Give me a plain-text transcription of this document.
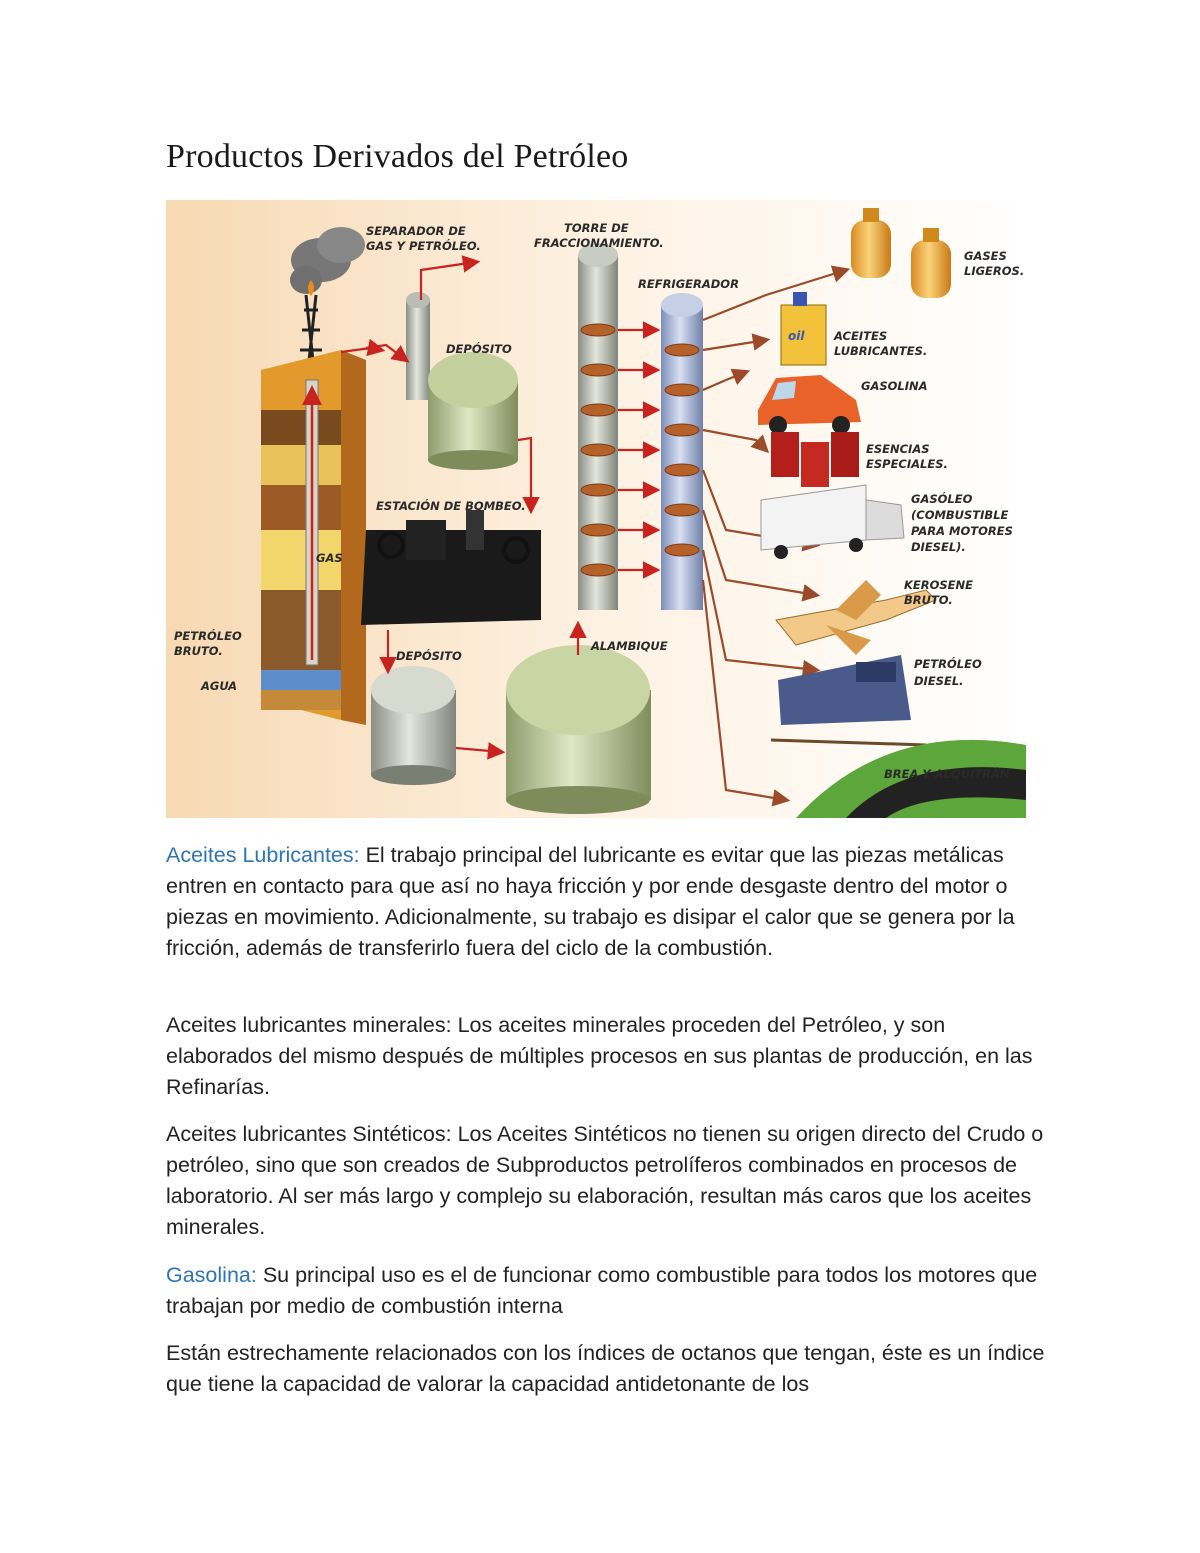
Productos Derivados del Petróleo
oil
SEPARADOR DE GAS Y PETRÓLEO.
TORRE DE FRACCIONAMIENTO.
REFRIGERADOR
DEPÓSITO
ESTACIÓN DE BOMBEO.
GAS
PETRÓLEO BRUTO.
AGUA
DEPÓSITO
ALAMBIQUE
GASES LIGEROS.
ACEITES LUBRICANTES.
GASOLINA
ESENCIAS ESPECIALES.
GASÓLEO (COMBUSTIBLE PARA MOTORES DIESEL).
KEROSENE BRUTO.
PETRÓLEO DIESEL.
BREA Y ALQUITRÁN

Aceites Lubricantes: El trabajo principal del lubricante es evitar que las piezas metálicas entren en contacto para que así no haya fricción y por ende desgaste dentro del motor o piezas en movimiento. Adicionalmente, su trabajo es disipar el calor que se genera por la fricción, además de transferirlo fuera del ciclo de la combustión.

Aceites lubricantes minerales: Los aceites minerales proceden del Petróleo, y son elaborados del mismo después de múltiples procesos en sus plantas de producción, en las Refinarías.

Aceites lubricantes Sintéticos: Los Aceites Sintéticos no tienen su origen directo del Crudo o petróleo, sino que son creados de Subproductos petrolíferos combinados en procesos de laboratorio. Al ser más largo y complejo su elaboración, resultan más caros que los aceites minerales.

Gasolina: Su principal uso es el de funcionar como combustible para todos los motores que trabajan por medio de combustión interna

Están estrechamente relacionados con los índices de octanos que tengan, éste es un índice que tiene la capacidad de valorar la capacidad antidetonante de los
